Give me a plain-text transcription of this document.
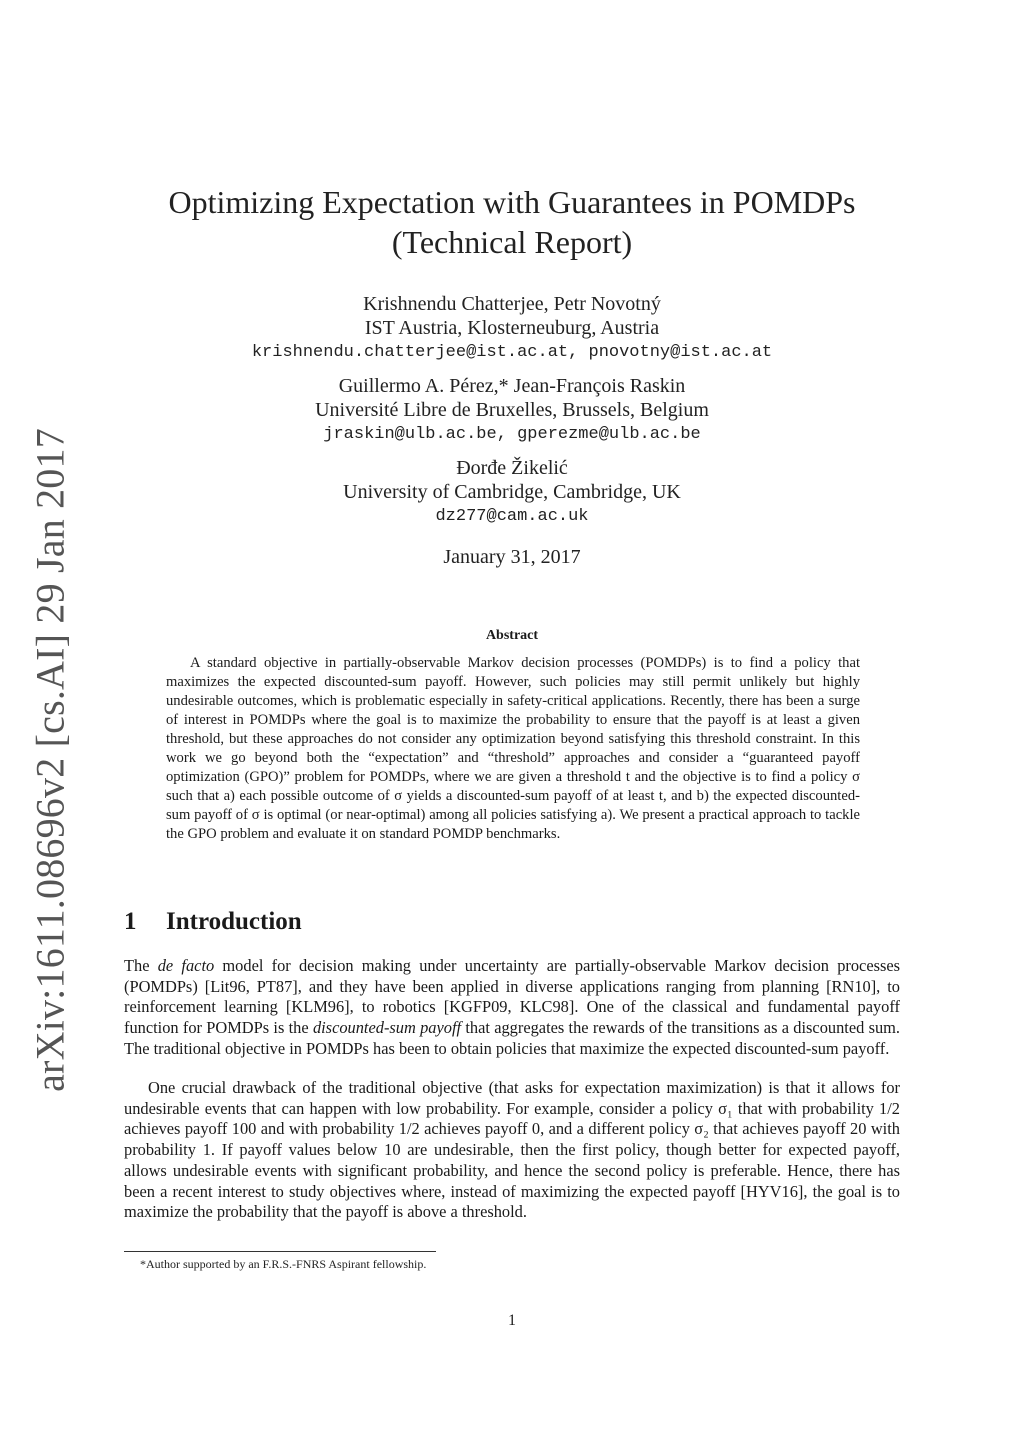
arXiv:1611.08696v2 [cs.AI] 29 Jan 2017
Optimizing Expectation with Guarantees in POMDPs
(Technical Report)
Krishnendu Chatterjee, Petr Novotný
IST Austria, Klosterneuburg, Austria
krishnendu.chatterjee@ist.ac.at, pnovotny@ist.ac.at
Guillermo A. Pérez,* Jean-François Raskin
Université Libre de Bruxelles, Brussels, Belgium
jraskin@ulb.ac.be, gperezme@ulb.ac.be
Đorđe Žikelić
University of Cambridge, Cambridge, UK
dz277@cam.ac.uk
January 31, 2017
Abstract
A standard objective in partially-observable Markov decision processes (POMDPs) is to find a policy that maximizes the expected discounted-sum payoff. However, such policies may still permit unlikely but highly undesirable outcomes, which is problematic especially in safety-critical applications. Recently, there has been a surge of interest in POMDPs where the goal is to maximize the probability to ensure that the payoff is at least a given threshold, but these approaches do not consider any optimization beyond satisfying this threshold constraint. In this work we go beyond both the “expectation” and “threshold” approaches and consider a “guaranteed payoff optimization (GPO)” problem for POMDPs, where we are given a threshold t and the objective is to find a policy σ such that a) each possible outcome of σ yields a discounted-sum payoff of at least t, and b) the expected discounted-sum payoff of σ is optimal (or near-optimal) among all policies satisfying a). We present a practical approach to tackle the GPO problem and evaluate it on standard POMDP benchmarks.
1 Introduction
The de facto model for decision making under uncertainty are partially-observable Markov decision processes (POMDPs) [Lit96, PT87], and they have been applied in diverse applications ranging from planning [RN10], to reinforcement learning [KLM96], to robotics [KGFP09, KLC98]. One of the classical and fundamental payoff function for POMDPs is the discounted-sum payoff that aggregates the rewards of the transitions as a discounted sum. The traditional objective in POMDPs has been to obtain policies that maximize the expected discounted-sum payoff.
One crucial drawback of the traditional objective (that asks for expectation maximization) is that it allows for undesirable events that can happen with low probability. For example, consider a policy σ₁ that with probability 1/2 achieves payoff 100 and with probability 1/2 achieves payoff 0, and a different policy σ₂ that achieves payoff 20 with probability 1. If payoff values below 10 are undesirable, then the first policy, though better for expected payoff, allows undesirable events with significant probability, and hence the second policy is preferable. Hence, there has been a recent interest to study objectives where, instead of maximizing the expected payoff [HYV16], the goal is to maximize the probability that the payoff is above a threshold.
*Author supported by an F.R.S.-FNRS Aspirant fellowship.
1
